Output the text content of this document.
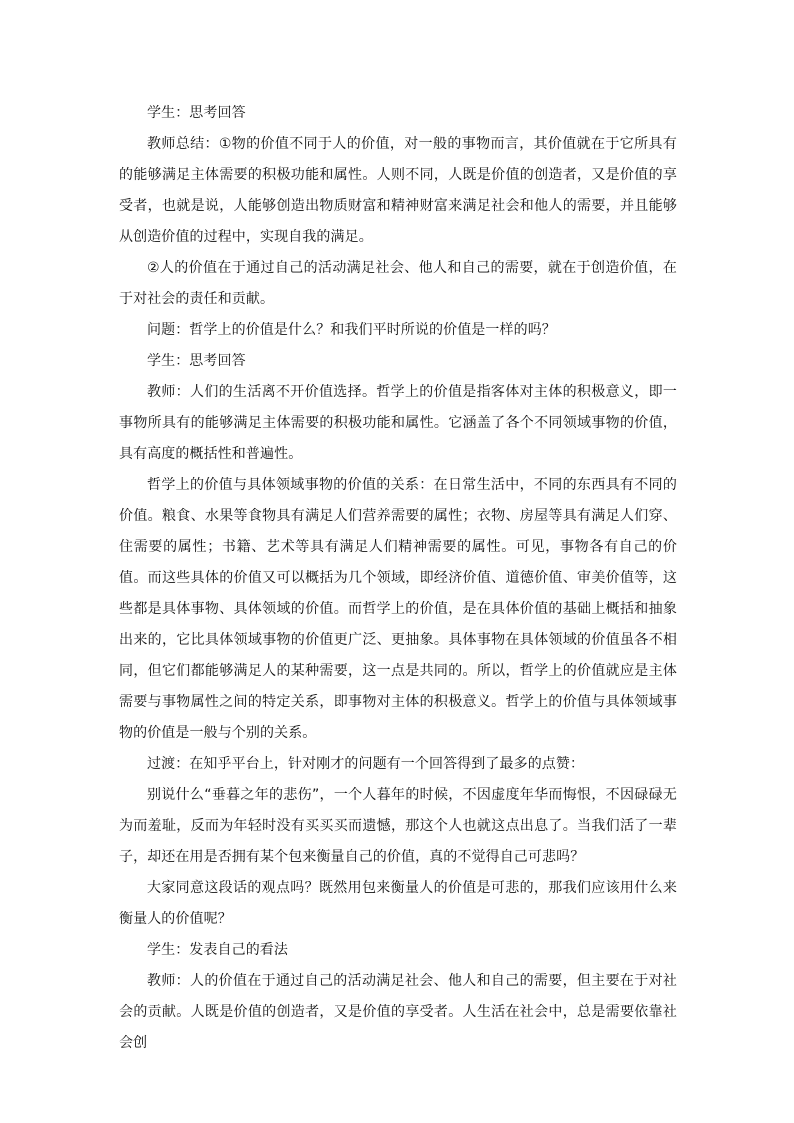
学生：思考回答

教师总结：①物的价值不同于人的价值，对一般的事物而言，其价值就在于它所具有的能够满足主体需要的积极功能和属性。人则不同，人既是价值的创造者，又是价值的享受者，也就是说，人能够创造出物质财富和精神财富来满足社会和他人的需要，并且能够从创造价值的过程中，实现自我的满足。

②人的价值在于通过自己的活动满足社会、他人和自己的需要，就在于创造价值，在于对社会的责任和贡献。

问题：哲学上的价值是什么？和我们平时所说的价值是一样的吗？

学生：思考回答

教师：人们的生活离不开价值选择。哲学上的价值是指客体对主体的积极意义，即一事物所具有的能够满足主体需要的积极功能和属性。它涵盖了各个不同领域事物的价值，具有高度的概括性和普遍性。

哲学上的价值与具体领域事物的价值的关系：在日常生活中，不同的东西具有不同的价值。粮食、水果等食物具有满足人们营养需要的属性；衣物、房屋等具有满足人们穿、住需要的属性；书籍、艺术等具有满足人们精神需要的属性。可见，事物各有自己的价值。而这些具体的价值又可以概括为几个领域，即经济价值、道德价值、审美价值等，这些都是具体事物、具体领域的价值。而哲学上的价值，是在具体价值的基础上概括和抽象出来的，它比具体领域事物的价值更广泛、更抽象。具体事物在具体领域的价值虽各不相同，但它们都能够满足人的某种需要，这一点是共同的。所以，哲学上的价值就应是主体需要与事物属性之间的特定关系，即事物对主体的积极意义。哲学上的价值与具体领域事物的价值是一般与个别的关系。

过渡：在知乎平台上，针对刚才的问题有一个回答得到了最多的点赞：

别说什么“垂暮之年的悲伤”，一个人暮年的时候，不因虚度年华而悔恨，不因碌碌无为而羞耻，反而为年轻时没有买买买而遗憾，那这个人也就这点出息了。当我们活了一辈子，却还在用是否拥有某个包来衡量自己的价值，真的不觉得自己可悲吗？

大家同意这段话的观点吗？既然用包来衡量人的价值是可悲的，那我们应该用什么来衡量人的价值呢？

学生：发表自己的看法

教师：人的价值在于通过自己的活动满足社会、他人和自己的需要，但主要在于对社会的贡献。人既是价值的创造者，又是价值的享受者。人生活在社会中，总是需要依靠社会创
